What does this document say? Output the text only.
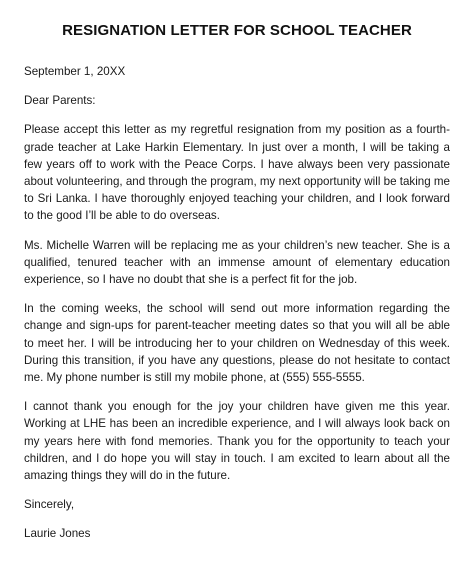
RESIGNATION LETTER FOR SCHOOL TEACHER

September 1, 20XX

Dear Parents:

Please accept this letter as my regretful resignation from my position as a fourth-grade teacher at Lake Harkin Elementary. In just over a month, I will be taking a few years off to work with the Peace Corps. I have always been very passionate about volunteering, and through the program, my next opportunity will be taking me to Sri Lanka. I have thoroughly enjoyed teaching your children, and I look forward to the good I’ll be able to do overseas.

Ms. Michelle Warren will be replacing me as your children’s new teacher. She is a qualified, tenured teacher with an immense amount of elementary education experience, so I have no doubt that she is a perfect fit for the job.

In the coming weeks, the school will send out more information regarding the change and sign-ups for parent-teacher meeting dates so that you will all be able to meet her. I will be introducing her to your children on Wednesday of this week. During this transition, if you have any questions, please do not hesitate to contact me. My phone number is still my mobile phone, at (555) 555-5555.

I cannot thank you enough for the joy your children have given me this year. Working at LHE has been an incredible experience, and I will always look back on my years here with fond memories. Thank you for the opportunity to teach your children, and I do hope you will stay in touch. I am excited to learn about all the amazing things they will do in the future.

Sincerely,

Laurie Jones
